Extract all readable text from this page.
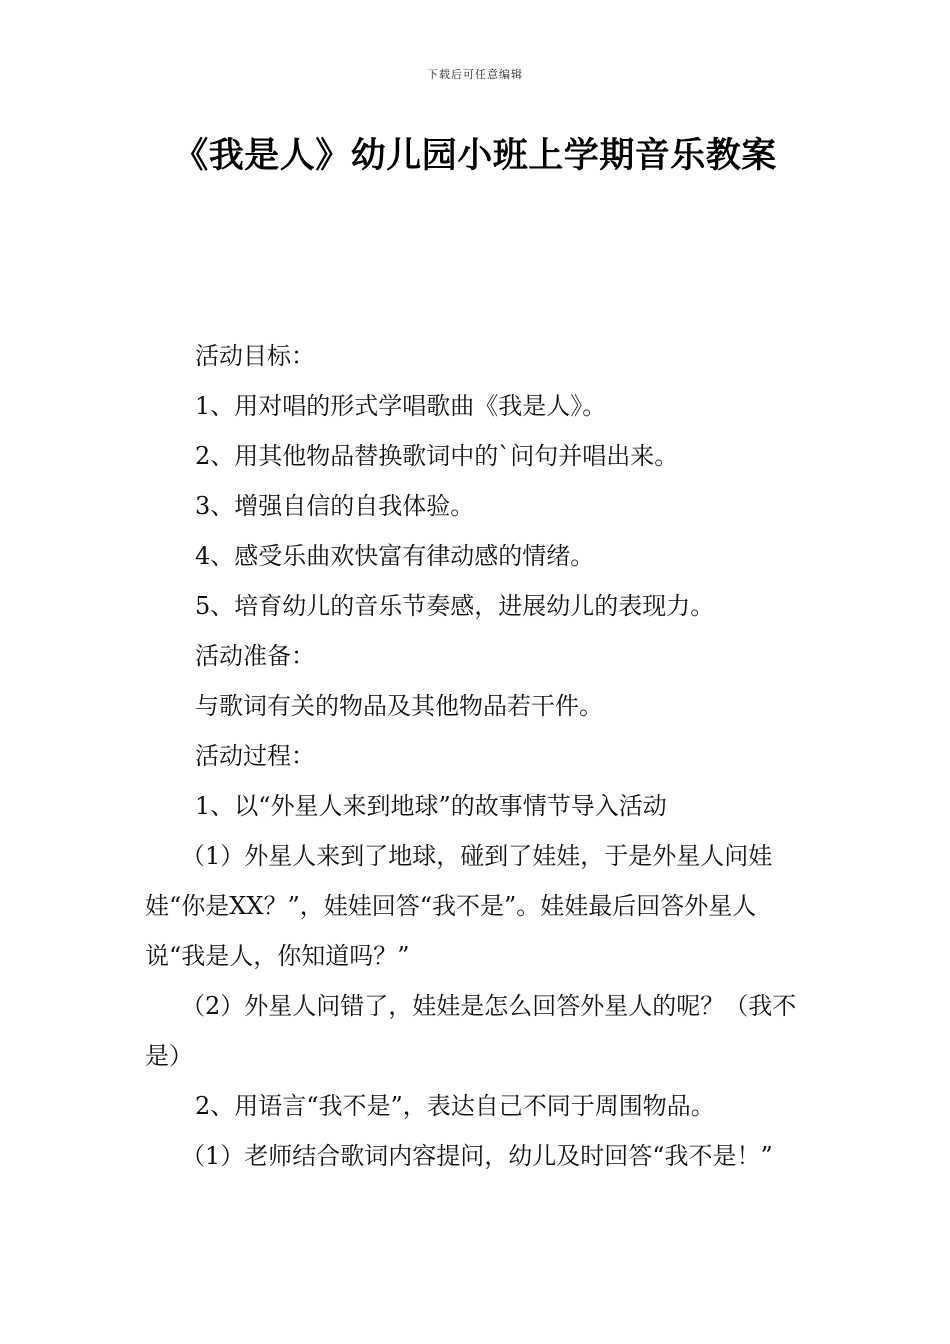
下载后可任意编辑
《我是人》幼儿园小班上学期音乐教案

活动目标：

1、用对唱的形式学唱歌曲《我是人》。

2、用其他物品替换歌词中的`问句并唱出来。

3、增强自信的自我体验。

4、感受乐曲欢快富有律动感的情绪。

5、培育幼儿的音乐节奏感，进展幼儿的表现力。

活动准备：

与歌词有关的物品及其他物品若干件。

活动过程：

1、以“外星人来到地球”的故事情节导入活动

（1）外星人来到了地球，碰到了娃娃，于是外星人问娃娃“你是XX？”，娃娃回答“我不是”。娃娃最后回答外星人说“我是人，你知道吗？”

（2）外星人问错了，娃娃是怎么回答外星人的呢？（我不是）

2、用语言“我不是”，表达自己不同于周围物品。

（1）老师结合歌词内容提问，幼儿及时回答“我不是！”
